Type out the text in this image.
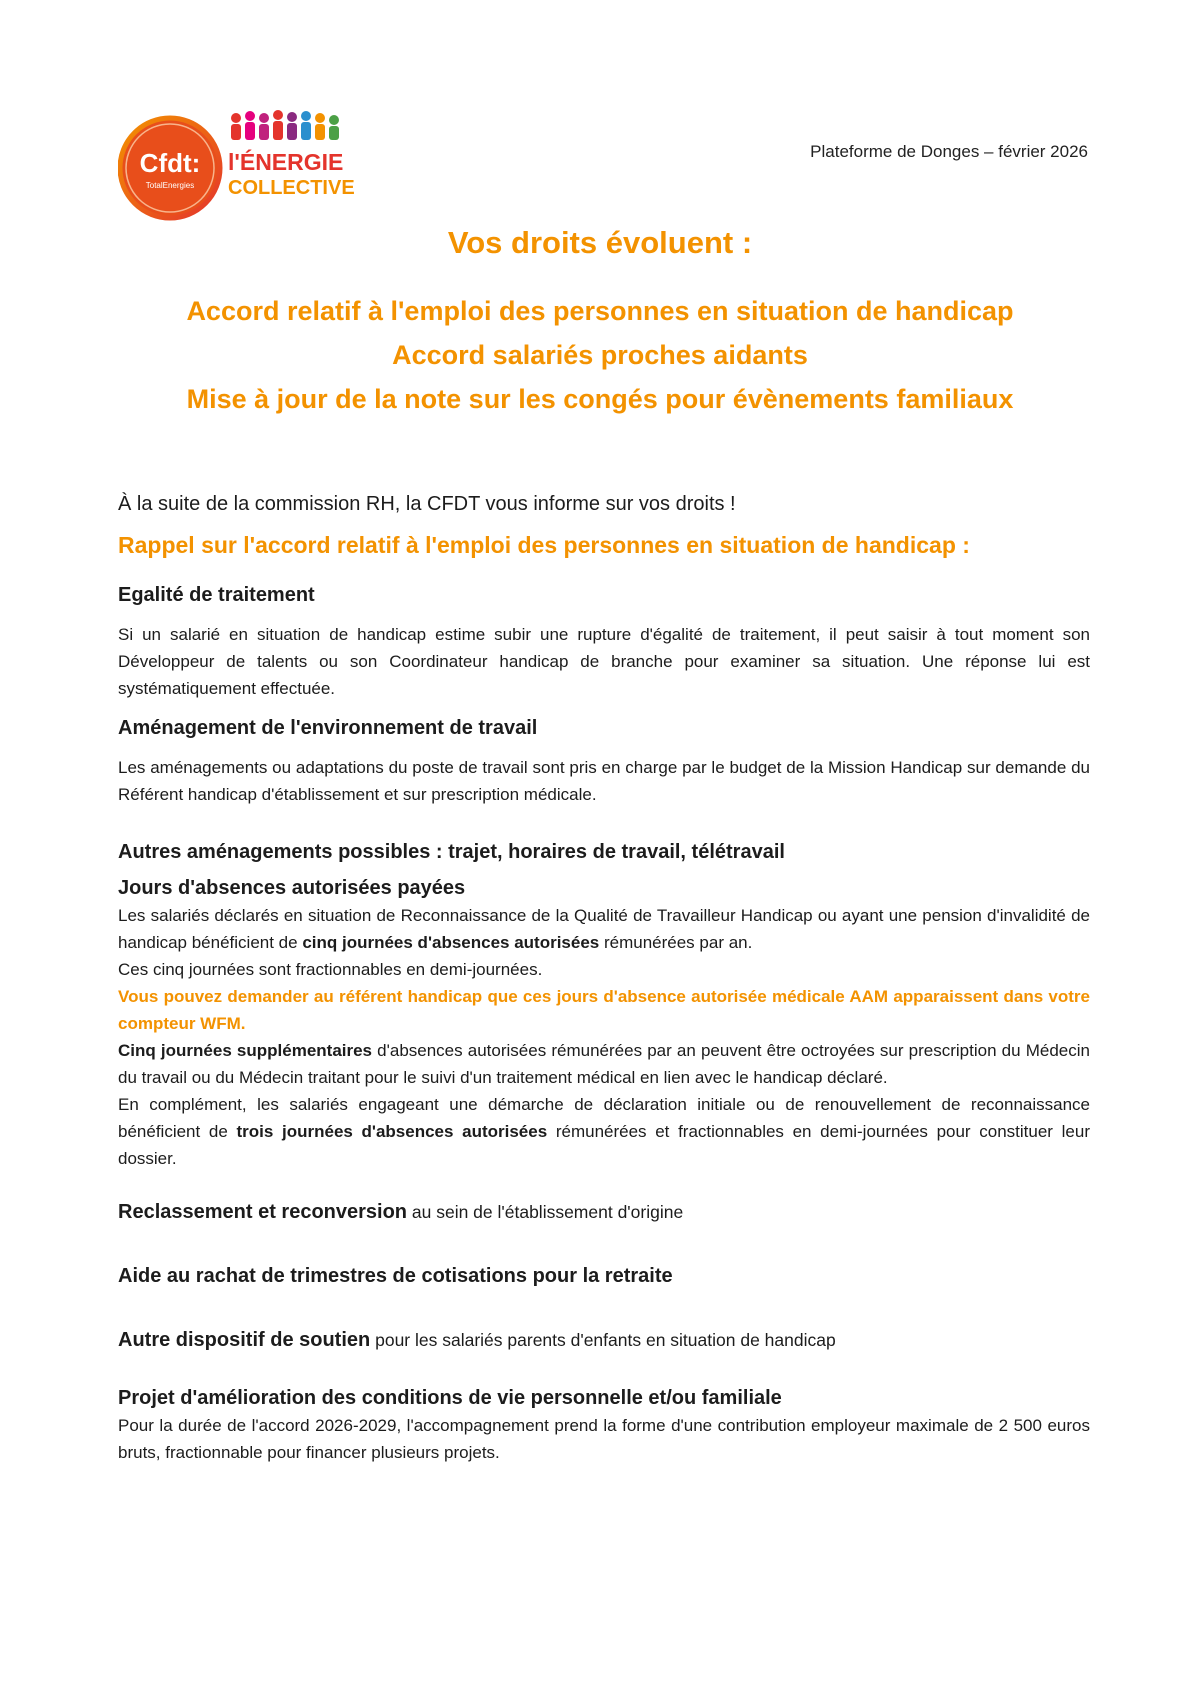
Cfdt:
TotalEnergies
l'ÉNERGIE
COLLECTIVE
Plateforme de Donges – février 2026
Vos droits évoluent :
Accord relatif à l'emploi des personnes en situation de handicap
Accord salariés proches aidants
Mise à jour de la note sur les congés pour évènements familiaux
À la suite de la commission RH, la CFDT vous informe sur vos droits !
Rappel sur l'accord relatif à l'emploi des personnes en situation de handicap :
Egalité de traitement

Si un salarié en situation de handicap estime subir une rupture d'égalité de traitement, il peut saisir à tout moment son Développeur de talents ou son Coordinateur handicap de branche pour examiner sa situation. Une réponse lui est systématiquement effectuée.

Aménagement de l'environnement de travail

Les aménagements ou adaptations du poste de travail sont pris en charge par le budget de la Mission Handicap sur demande du Référent handicap d'établissement et sur prescription médicale.

Autres aménagements possibles : trajet, horaires de travail, télétravail
Jours d'absences autorisées payées

Les salariés déclarés en situation de Reconnaissance de la Qualité de Travailleur Handicap ou ayant une pension d'invalidité de handicap bénéficient de cinq journées d'absences autorisées rémunérées par an.

Ces cinq journées sont fractionnables en demi-journées.

Vous pouvez demander au référent handicap que ces jours d'absence autorisée médicale AAM apparaissent dans votre compteur WFM.

Cinq journées supplémentaires d'absences autorisées rémunérées par an peuvent être octroyées sur prescription du Médecin du travail ou du Médecin traitant pour le suivi d'un traitement médical en lien avec le handicap déclaré.

En complément, les salariés engageant une démarche de déclaration initiale ou de renouvellement de reconnaissance bénéficient de trois journées d'absences autorisées rémunérées et fractionnables en demi-journées pour constituer leur dossier.

Reclassement et reconversion au sein de l'établissement d'origine
Aide au rachat de trimestres de cotisations pour la retraite
Autre dispositif de soutien pour les salariés parents d'enfants en situation de handicap
Projet d'amélioration des conditions de vie personnelle et/ou familiale

Pour la durée de l'accord 2026-2029, l'accompagnement prend la forme d'une contribution employeur maximale de 2 500 euros bruts, fractionnable pour financer plusieurs projets.
